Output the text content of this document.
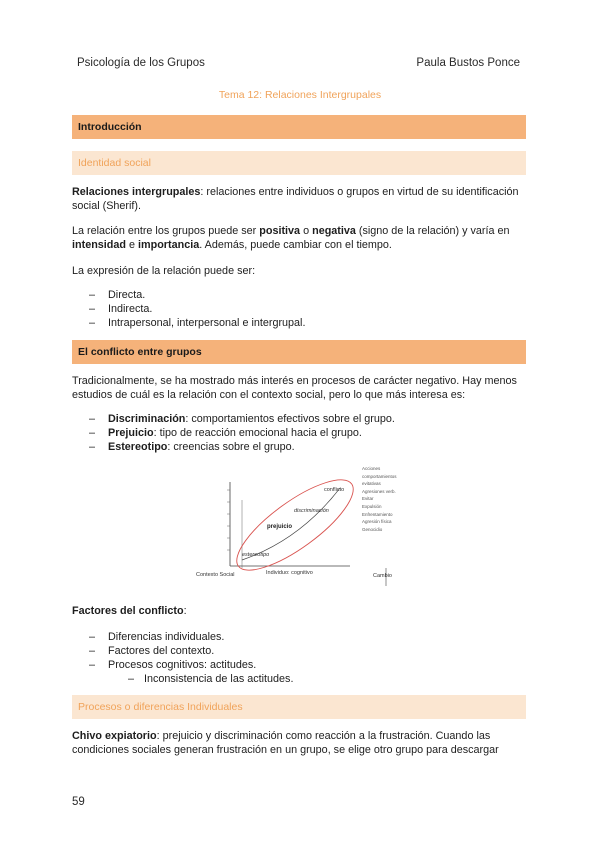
Psicología de los Grupos	Paula Bustos Ponce
Tema 12: Relaciones Intergrupales
Introducción
Identidad social

Relaciones intergrupales: relaciones entre individuos o grupos en virtud de su identificación social (Sherif).

La relación entre los grupos puede ser positiva o negativa (signo de la relación) y varía en intensidad e importancia. Además, puede cambiar con el tiempo.

La expresión de la relación puede ser:

– Directa.
– Indirecta.
– Intrapersonal, interpersonal e intergrupal.
El conflicto entre grupos

Tradicionalmente, se ha mostrado más interés en procesos de carácter negativo. Hay menos estudios de cuál es la relación con el contexto social, pero lo que más interesa es:

– Discriminación: comportamientos efectivos sobre el grupo.
– Prejuicio: tipo de reacción emocional hacia el grupo.
– Estereotipo: creencias sobre el grupo.
conflicto
discriminación
prejuicio
estereotipo
Contexto Social	Individuo: cognitivo	Cambio
Acciones
comportamientos
evitativas
Agresiones verb.
Evitar
Expulsión
Enfrentamiento
Agresión física
Genocidio

Factores del conflicto:

– Diferencias individuales.
– Factores del contexto.
– Procesos cognitivos: actitudes.
– Inconsistencia de las actitudes.
Procesos o diferencias Individuales

Chivo expiatorio: prejuicio y discriminación como reacción a la frustración. Cuando las condiciones sociales generan frustración en un grupo, se elige otro grupo para descargar

59
